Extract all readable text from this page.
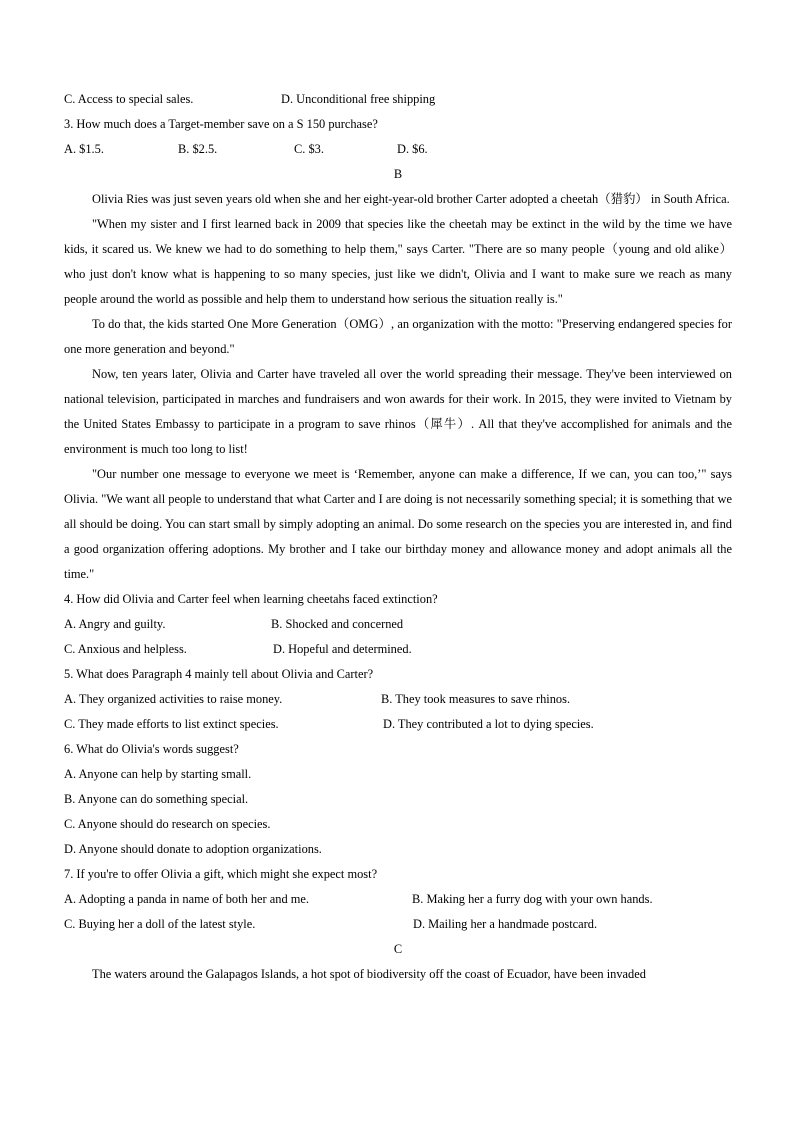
C. Access to special sales.	D. Unconditional free shipping
3. How much does a Target-member save on a S 150 purchase?
A. $1.5.	B. $2.5.	C. $3.	D. $6.
B
Olivia Ries was just seven years old when she and her eight-year-old brother Carter adopted a cheetah（猎豹） in South Africa.
"When my sister and I first learned back in 2009 that species like the cheetah may be extinct in the wild by the time we have kids, it scared us. We knew we had to do something to help them," says Carter. "There are so many people（young and old alike）who just don't know what is happening to so many species, just like we didn't, Olivia and I want to make sure we reach as many people around the world as possible and help them to understand how serious the situation really is."
To do that, the kids started One More Generation（OMG）, an organization with the motto: "Preserving endangered species for one more generation and beyond."
Now, ten years later, Olivia and Carter have traveled all over the world spreading their message. They've been interviewed on national television, participated in marches and fundraisers and won awards for their work. In 2015, they were invited to Vietnam by the United States Embassy to participate in a program to save rhinos（犀牛）. All that they've accomplished for animals and the environment is much too long to list!
"Our number one message to everyone we meet is ‘Remember, anyone can make a difference, If we can, you can too,’" says Olivia. "We want all people to understand that what Carter and I are doing is not necessarily something special; it is something that we all should be doing. You can start small by simply adopting an animal. Do some research on the species you are interested in, and find a good organization offering adoptions. My brother and I take our birthday money and allowance money and adopt animals all the time."
4. How did Olivia and Carter feel when learning cheetahs faced extinction?
A. Angry and guilty.	B. Shocked and concerned
C. Anxious and helpless.	D. Hopeful and determined.
5. What does Paragraph 4 mainly tell about Olivia and Carter?
A. They organized activities to raise money.	B. They took measures to save rhinos.
C. They made efforts to list extinct species.	D. They contributed a lot to dying species.
6. What do Olivia's words suggest?
A. Anyone can help by starting small.
B. Anyone can do something special.
C. Anyone should do research on species.
D. Anyone should donate to adoption organizations.
7. If you're to offer Olivia a gift, which might she expect most?
A. Adopting a panda in name of both her and me.	B. Making her a furry dog with your own hands.
C. Buying her a doll of the latest style.	D. Mailing her a handmade postcard.
C
The waters around the Galapagos Islands, a hot spot of biodiversity off the coast of Ecuador, have been invaded
